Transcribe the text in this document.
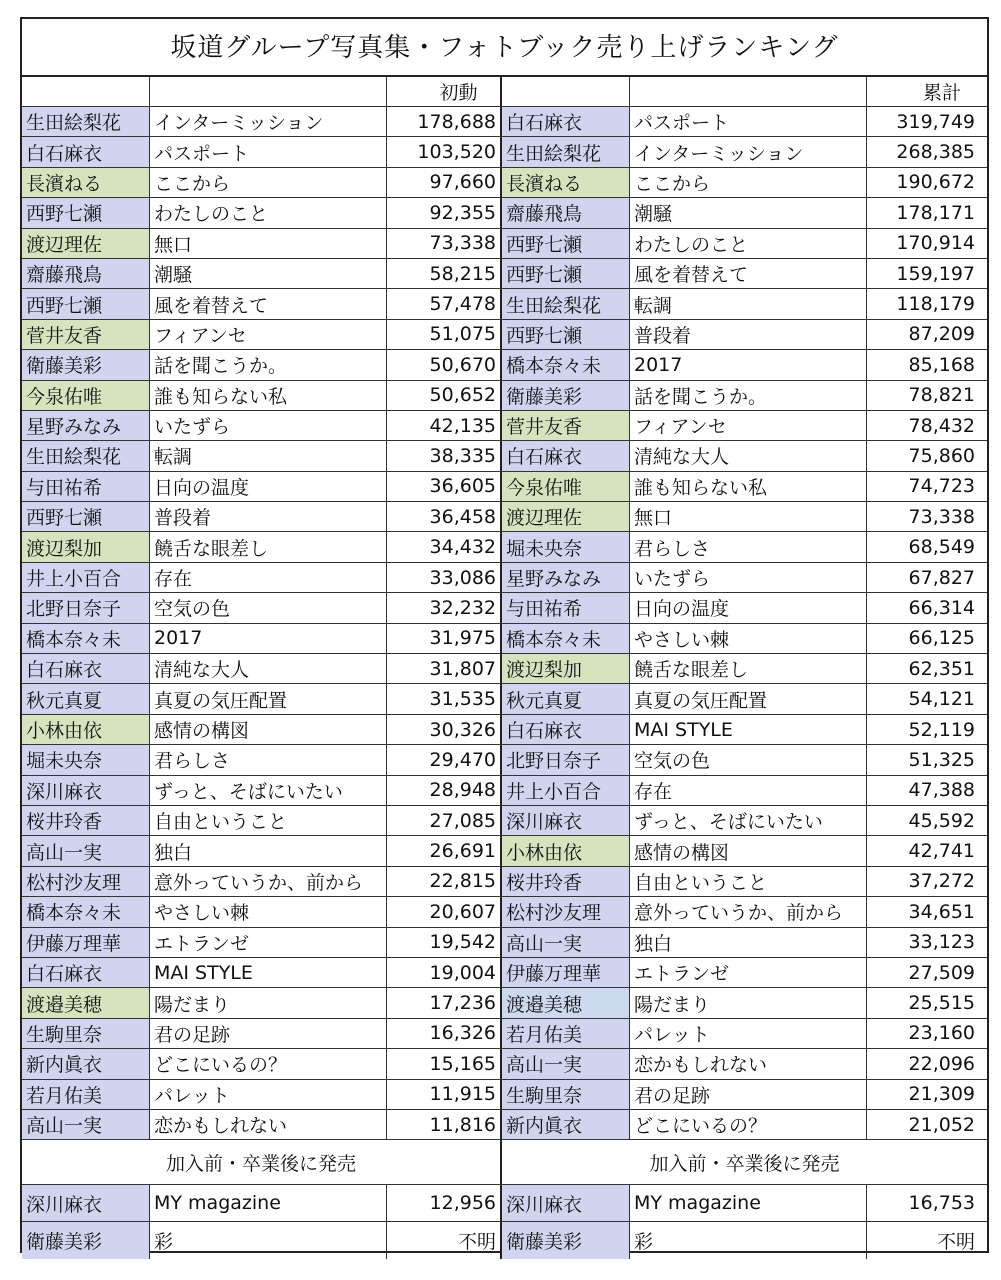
坂道グループ写真集・フォトブック売り上げランキング
初動	累計
生田絵梨花	インターミッション	178,688 白石麻衣	パスポート	319,749
白石麻衣	パスポート	103,520 生田絵梨花	インターミッション	268,385
長濱ねる	ここから	97,660 長濱ねる	ここから	190,672
西野七瀬	わたしのこと	92,355 齋藤飛鳥	潮騒	178,171
渡辺理佐	無口	73,338 西野七瀬	わたしのこと	170,914
齋藤飛鳥	潮騒	58,215 西野七瀬	風を着替えて	159,197
西野七瀬	風を着替えて	57,478 生田絵梨花	転調	118,179
菅井友香	フィアンセ	51,075 西野七瀬	普段着	87,209
衛藤美彩	話を聞こうか。	50,670 橋本奈々未	2017	85,168
今泉佑唯	誰も知らない私	50,652 衛藤美彩	話を聞こうか。	78,821
星野みなみ	いたずら	42,135 菅井友香	フィアンセ	78,432
生田絵梨花	転調	38,335 白石麻衣	清純な大人	75,860
与田祐希	日向の温度	36,605 今泉佑唯	誰も知らない私	74,723
西野七瀬	普段着	36,458 渡辺理佐	無口	73,338
渡辺梨加	饒舌な眼差し	34,432 堀未央奈	君らしさ	68,549
井上小百合	存在	33,086 星野みなみ	いたずら	67,827
北野日奈子	空気の色	32,232 与田祐希	日向の温度	66,314
橋本奈々未	2017	31,975 橋本奈々未	やさしい棘	66,125
白石麻衣	清純な大人	31,807 渡辺梨加	饒舌な眼差し	62,351
秋元真夏	真夏の気圧配置	31,535 秋元真夏	真夏の気圧配置	54,121
小林由依	感情の構図	30,326 白石麻衣	MAI STYLE	52,119
堀未央奈	君らしさ	29,470 北野日奈子	空気の色	51,325
深川麻衣	ずっと、そばにいたい	28,948 井上小百合	存在	47,388
桜井玲香	自由ということ	27,085 深川麻衣	ずっと、そばにいたい	45,592
高山一実	独白	26,691 小林由依	感情の構図	42,741
松村沙友理	意外っていうか、前から	22,815 桜井玲香	自由ということ	37,272
橋本奈々未	やさしい棘	20,607 松村沙友理	意外っていうか、前から	34,651
伊藤万理華	エトランゼ	19,542 高山一実	独白	33,123
白石麻衣	MAI STYLE	19,004 伊藤万理華	エトランゼ	27,509
渡邉美穂	陽だまり	17,236 渡邉美穂	陽だまり	25,515
生駒里奈	君の足跡	16,326 若月佑美	パレット	23,160
新内眞衣	どこにいるの？	15,165 高山一実	恋かもしれない	22,096
若月佑美	パレット	11,915 生駒里奈	君の足跡	21,309
高山一実	恋かもしれない	11,816 新内眞衣	どこにいるの？	21,052
加入前・卒業後に発売	加入前・卒業後に発売
深川麻衣	MY magazine	12,956 深川麻衣	MY magazine	16,753
衛藤美彩	彩	不明 衛藤美彩	彩	不明
